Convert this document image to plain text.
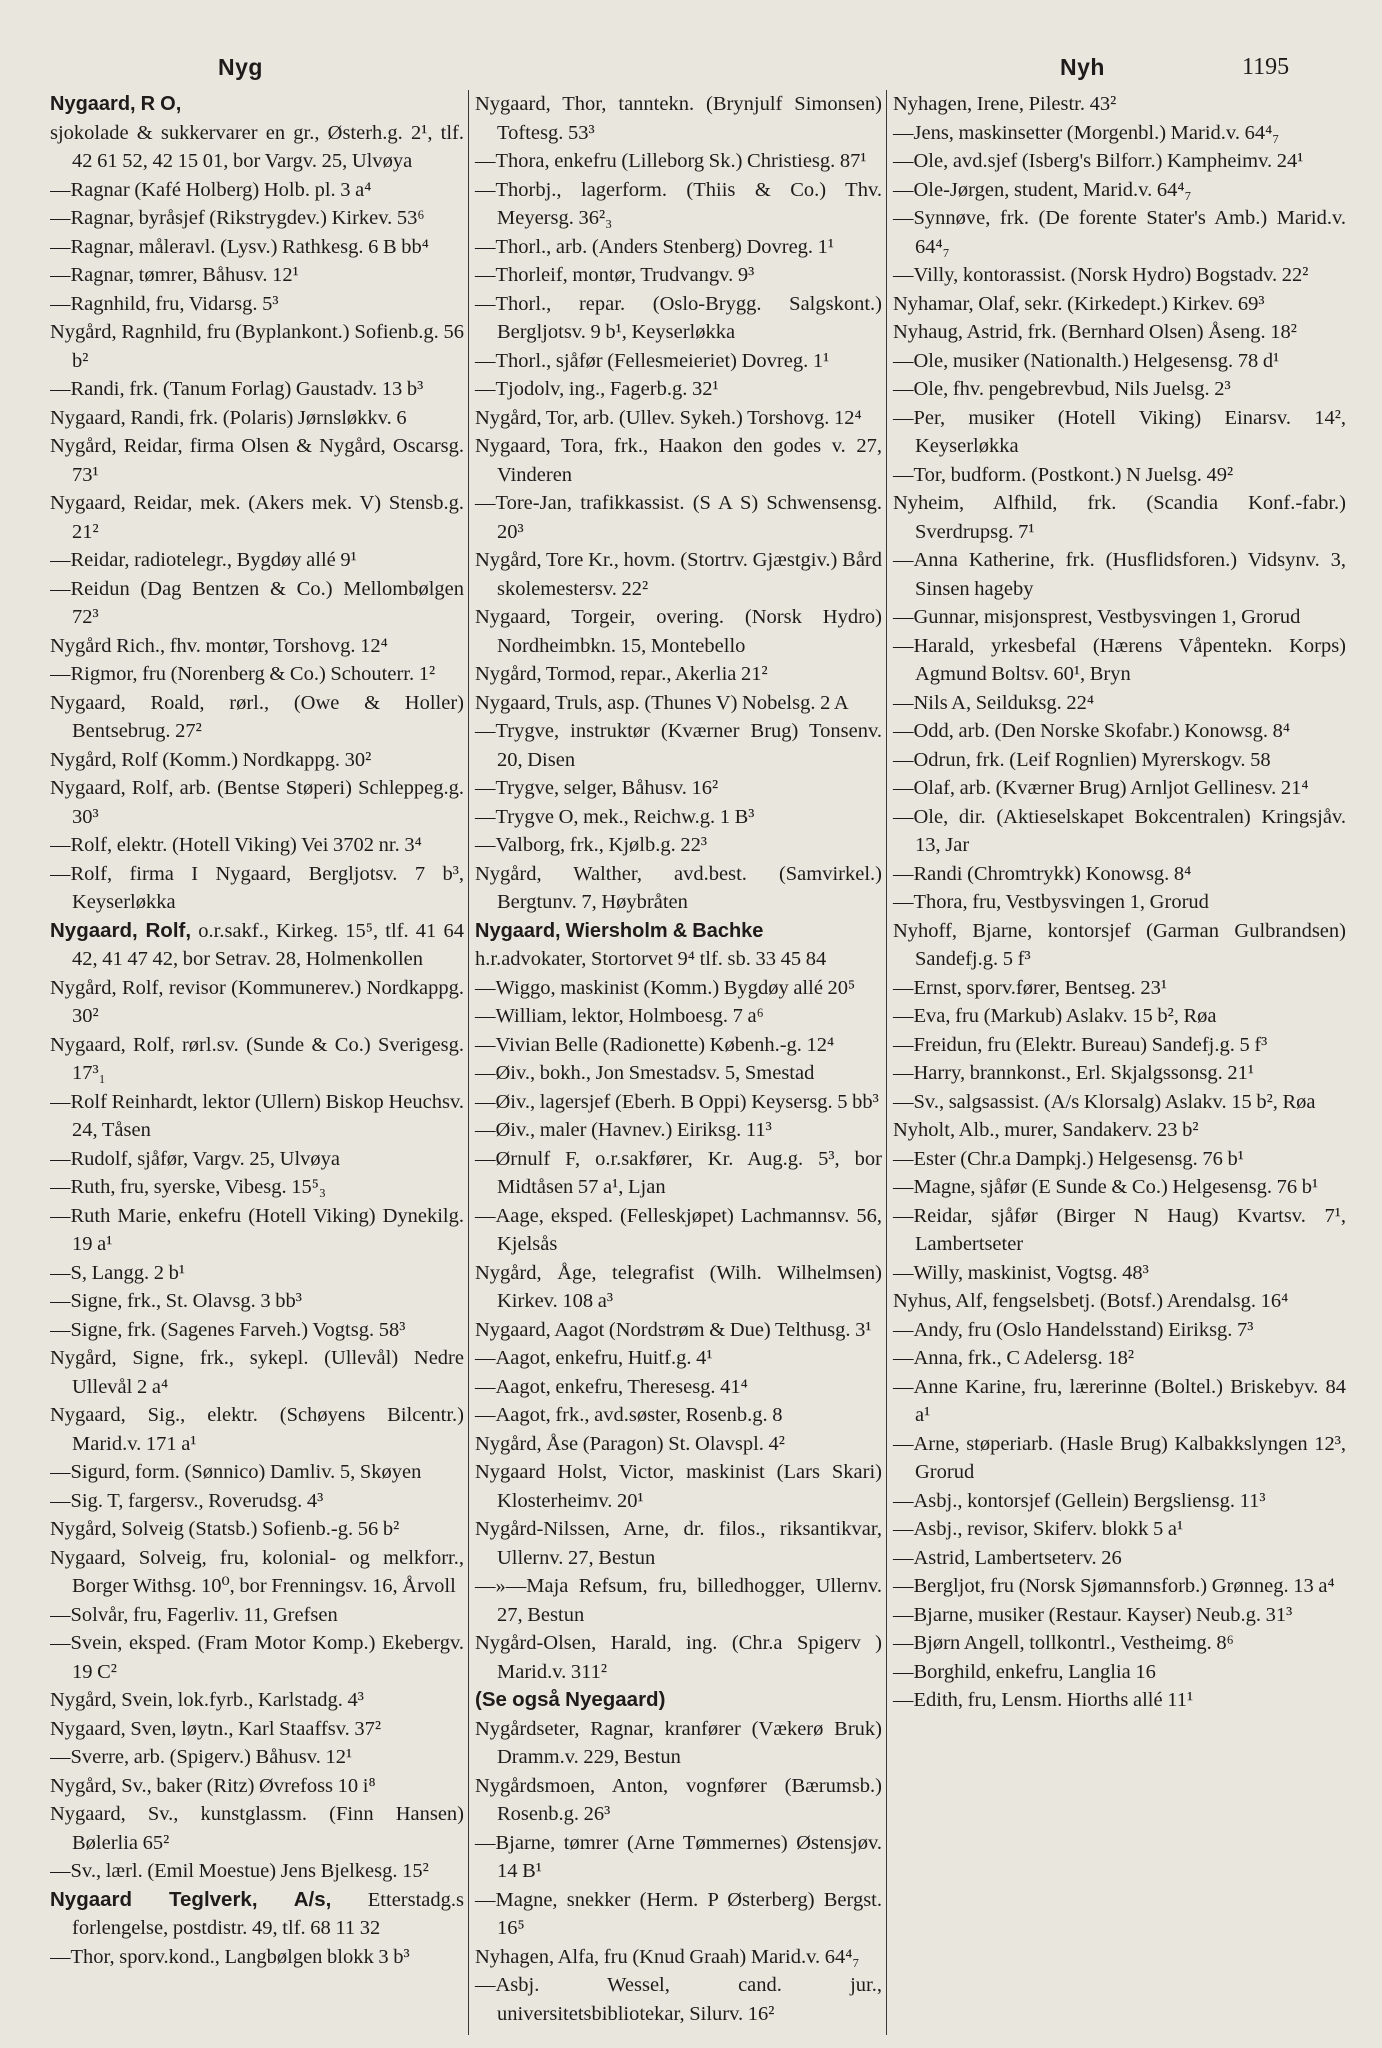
Nyg	Nyh	1195

Nygaard, R O,

sjokolade & sukkervarer en gr., Østerh.g. 2¹, tlf. 42 61 52, 42 15 01, bor Vargv. 25, Ulvøya

—Ragnar (Kafé Holberg) Holb. pl. 3 a⁴

—Ragnar, byråsjef (Rikstrygdev.) Kirkev. 53⁶

—Ragnar, måleravl. (Lysv.) Rathkesg. 6 B bb⁴

—Ragnar, tømrer, Båhusv. 12¹

—Ragnhild, fru, Vidarsg. 5³

Nygård, Ragnhild, fru (Byplankont.) Sofienb.g. 56 b²

—Randi, frk. (Tanum Forlag) Gaustadv. 13 b³

Nygaard, Randi, frk. (Polaris) Jørnsløkkv. 6

Nygård, Reidar, firma Olsen & Nygård, Oscarsg. 73¹

Nygaard, Reidar, mek. (Akers mek. V) Stensb.g. 21²

—Reidar, radiotelegr., Bygdøy allé 9¹

—Reidun (Dag Bentzen & Co.) Mellombølgen 72³

Nygård Rich., fhv. montør, Torshovg. 12⁴

—Rigmor, fru (Norenberg & Co.) Schouterr. 1²

Nygaard, Roald, rørl., (Owe & Holler) Bentsebrug. 27²

Nygård, Rolf (Komm.) Nordkappg. 30²

Nygaard, Rolf, arb. (Bentse Støperi) Schleppeg.g. 30³

—Rolf, elektr. (Hotell Viking) Vei 3702 nr. 3⁴

—Rolf, firma I Nygaard, Bergljotsv. 7 b³, Keyserløkka

Nygaard, Rolf, o.r.sakf., Kirkeg. 15⁵, tlf. 41 64 42, 41 47 42, bor Setrav. 28, Holmenkollen

Nygård, Rolf, revisor (Kommunerev.) Nordkappg. 30²

Nygaard, Rolf, rørl.sv. (Sunde & Co.) Sverigesg. 17³₁

—Rolf Reinhardt, lektor (Ullern) Biskop Heuchsv. 24, Tåsen

—Rudolf, sjåfør, Vargv. 25, Ulvøya

—Ruth, fru, syerske, Vibesg. 15⁵₃

—Ruth Marie, enkefru (Hotell Viking) Dynekilg. 19 a¹

—S, Langg. 2 b¹

—Signe, frk., St. Olavsg. 3 bb³

—Signe, frk. (Sagenes Farveh.) Vogtsg. 58³

Nygård, Signe, frk., sykepl. (Ullevål) Nedre Ullevål 2 a⁴

Nygaard, Sig., elektr. (Schøyens Bilcentr.) Marid.v. 171 a¹

—Sigurd, form. (Sønnico) Damliv. 5, Skøyen

—Sig. T, fargersv., Roverudsg. 4³

Nygård, Solveig (Statsb.) Sofienb.-g. 56 b²

Nygaard, Solveig, fru, kolonial- og melkforr., Borger Withsg. 10⁰, bor Frenningsv. 16, Årvoll

—Solvår, fru, Fagerliv. 11, Grefsen

—Svein, eksped. (Fram Motor Komp.) Ekebergv. 19 C²

Nygård, Svein, lok.fyrb., Karlstadg. 4³

Nygaard, Sven, løytn., Karl Staaffsv. 37²

—Sverre, arb. (Spigerv.) Båhusv. 12¹

Nygård, Sv., baker (Ritz) Øvrefoss 10 i⁸

Nygaard, Sv., kunstglassm. (Finn Hansen) Bølerlia 65²

—Sv., lærl. (Emil Moestue) Jens Bjelkesg. 15²

Nygaard Teglverk, A/s, Etterstadg.s forlengelse, postdistr. 49, tlf. 68 11 32

—Thor, sporv.kond., Langbølgen blokk 3 b³

Nygaard, Thor, tanntekn. (Brynjulf Simonsen) Toftesg. 53³

—Thora, enkefru (Lilleborg Sk.) Christiesg. 87¹

—Thorbj., lagerform. (Thiis & Co.) Thv. Meyersg. 36²₃

—Thorl., arb. (Anders Stenberg) Dovreg. 1¹

—Thorleif, montør, Trudvangv. 9³

—Thorl., repar. (Oslo-Brygg. Salgskont.) Bergljotsv. 9 b¹, Keyserløkka

—Thorl., sjåfør (Fellesmeieriet) Dovreg. 1¹

—Tjodolv, ing., Fagerb.g. 32¹

Nygård, Tor, arb. (Ullev. Sykeh.) Torshovg. 12⁴

Nygaard, Tora, frk., Haakon den godes v. 27, Vinderen

—Tore-Jan, trafikkassist. (S A S) Schwensensg. 20³

Nygård, Tore Kr., hovm. (Stortrv. Gjæstgiv.) Bård skolemestersv. 22²

Nygaard, Torgeir, overing. (Norsk Hydro) Nordheimbkn. 15, Montebello

Nygård, Tormod, repar., Akerlia 21²

Nygaard, Truls, asp. (Thunes V) Nobelsg. 2 A

—Trygve, instruktør (Kværner Brug) Tonsenv. 20, Disen

—Trygve, selger, Båhusv. 16²

—Trygve O, mek., Reichw.g. 1 B³

—Valborg, frk., Kjølb.g. 22³

Nygård, Walther, avd.best. (Samvirkel.) Bergtunv. 7, Høybråten

Nygaard, Wiersholm & Bachke

h.r.advokater, Stortorvet 9⁴ tlf. sb. 33 45 84

—Wiggo, maskinist (Komm.) Bygdøy allé 20⁵

—William, lektor, Holmboesg. 7 a⁶

—Vivian Belle (Radionette) Københ.-g. 12⁴

—Øiv., bokh., Jon Smestadsv. 5, Smestad

—Øiv., lagersjef (Eberh. B Oppi) Keysersg. 5 bb³

—Øiv., maler (Havnev.) Eiriksg. 11³

—Ørnulf F, o.r.sakfører, Kr. Aug.g. 5³, bor Midtåsen 57 a¹, Ljan

—Aage, eksped. (Felleskjøpet) Lachmannsv. 56, Kjelsås

Nygård, Åge, telegrafist (Wilh. Wilhelmsen) Kirkev. 108 a³

Nygaard, Aagot (Nordstrøm & Due) Telthusg. 3¹

—Aagot, enkefru, Huitf.g. 4¹

—Aagot, enkefru, Theresesg. 41⁴

—Aagot, frk., avd.søster, Rosenb.g. 8

Nygård, Åse (Paragon) St. Olavspl. 4²

Nygaard Holst, Victor, maskinist (Lars Skari) Klosterheimv. 20¹

Nygård-Nilssen, Arne, dr. filos., riksantikvar, Ullernv. 27, Bestun

—»—Maja Refsum, fru, billedhogger, Ullernv. 27, Bestun

Nygård-Olsen, Harald, ing. (Chr.a Spigerv ) Marid.v. 311²

(Se også Nyegaard)

Nygårdseter, Ragnar, kranfører (Vækerø Bruk) Dramm.v. 229, Bestun

Nygårdsmoen, Anton, vognfører (Bærumsb.) Rosenb.g. 26³

—Bjarne, tømrer (Arne Tømmernes) Østensjøv. 14 B¹

—Magne, snekker (Herm. P Østerberg) Bergst. 16⁵

Nyhagen, Alfa, fru (Knud Graah) Marid.v. 64⁴₇

—Asbj. Wessel, cand. jur., universitetsbibliotekar, Silurv. 16²

Nyhagen, Irene, Pilestr. 43²

—Jens, maskinsetter (Morgenbl.) Marid.v. 64⁴₇

—Ole, avd.sjef (Isberg's Bilforr.) Kampheimv. 24¹

—Ole-Jørgen, student, Marid.v. 64⁴₇

—Synnøve, frk. (De forente Stater's Amb.) Marid.v. 64⁴₇

—Villy, kontorassist. (Norsk Hydro) Bogstadv. 22²

Nyhamar, Olaf, sekr. (Kirkedept.) Kirkev. 69³

Nyhaug, Astrid, frk. (Bernhard Olsen) Åseng. 18²

—Ole, musiker (Nationalth.) Helgesensg. 78 d¹

—Ole, fhv. pengebrevbud, Nils Juelsg. 2³

—Per, musiker (Hotell Viking) Einarsv. 14², Keyserløkka

—Tor, budform. (Postkont.) N Juelsg. 49²

Nyheim, Alfhild, frk. (Scandia Konf.-fabr.) Sverdrupsg. 7¹

—Anna Katherine, frk. (Husflidsforen.) Vidsynv. 3, Sinsen hageby

—Gunnar, misjonsprest, Vestbysvingen 1, Grorud

—Harald, yrkesbefal (Hærens Våpentekn. Korps) Agmund Boltsv. 60¹, Bryn

—Nils A, Seilduksg. 22⁴

—Odd, arb. (Den Norske Skofabr.) Konowsg. 8⁴

—Odrun, frk. (Leif Rognlien) Myrerskogv. 58

—Olaf, arb. (Kværner Brug) Arnljot Gellinesv. 21⁴

—Ole, dir. (Aktieselskapet Bokcentralen) Kringsjåv. 13, Jar

—Randi (Chromtrykk) Konowsg. 8⁴

—Thora, fru, Vestbysvingen 1, Grorud

Nyhoff, Bjarne, kontorsjef (Garman Gulbrandsen) Sandefj.g. 5 f³

—Ernst, sporv.fører, Bentseg. 23¹

—Eva, fru (Markub) Aslakv. 15 b², Røa

—Freidun, fru (Elektr. Bureau) Sandefj.g. 5 f³

—Harry, brannkonst., Erl. Skjalgssonsg. 21¹

—Sv., salgsassist. (A/s Klorsalg) Aslakv. 15 b², Røa

Nyholt, Alb., murer, Sandakerv. 23 b²

—Ester (Chr.a Dampkj.) Helgesensg. 76 b¹

—Magne, sjåfør (E Sunde & Co.) Helgesensg. 76 b¹

—Reidar, sjåfør (Birger N Haug) Kvartsv. 7¹, Lambertseter

—Willy, maskinist, Vogtsg. 48³

Nyhus, Alf, fengselsbetj. (Botsf.) Arendalsg. 16⁴

—Andy, fru (Oslo Handelsstand) Eiriksg. 7³

—Anna, frk., C Adelersg. 18²

—Anne Karine, fru, lærerinne (Boltel.) Briskebyv. 84 a¹

—Arne, støperiarb. (Hasle Brug) Kalbakkslyngen 12³, Grorud

—Asbj., kontorsjef (Gellein) Bergsliensg. 11³

—Asbj., revisor, Skiferv. blokk 5 a¹

—Astrid, Lambertseterv. 26

—Bergljot, fru (Norsk Sjømannsforb.) Grønneg. 13 a⁴

—Bjarne, musiker (Restaur. Kayser) Neub.g. 31³

—Bjørn Angell, tollkontrl., Vestheimg. 8⁶

—Borghild, enkefru, Langlia 16

—Edith, fru, Lensm. Hiorths allé 11¹
